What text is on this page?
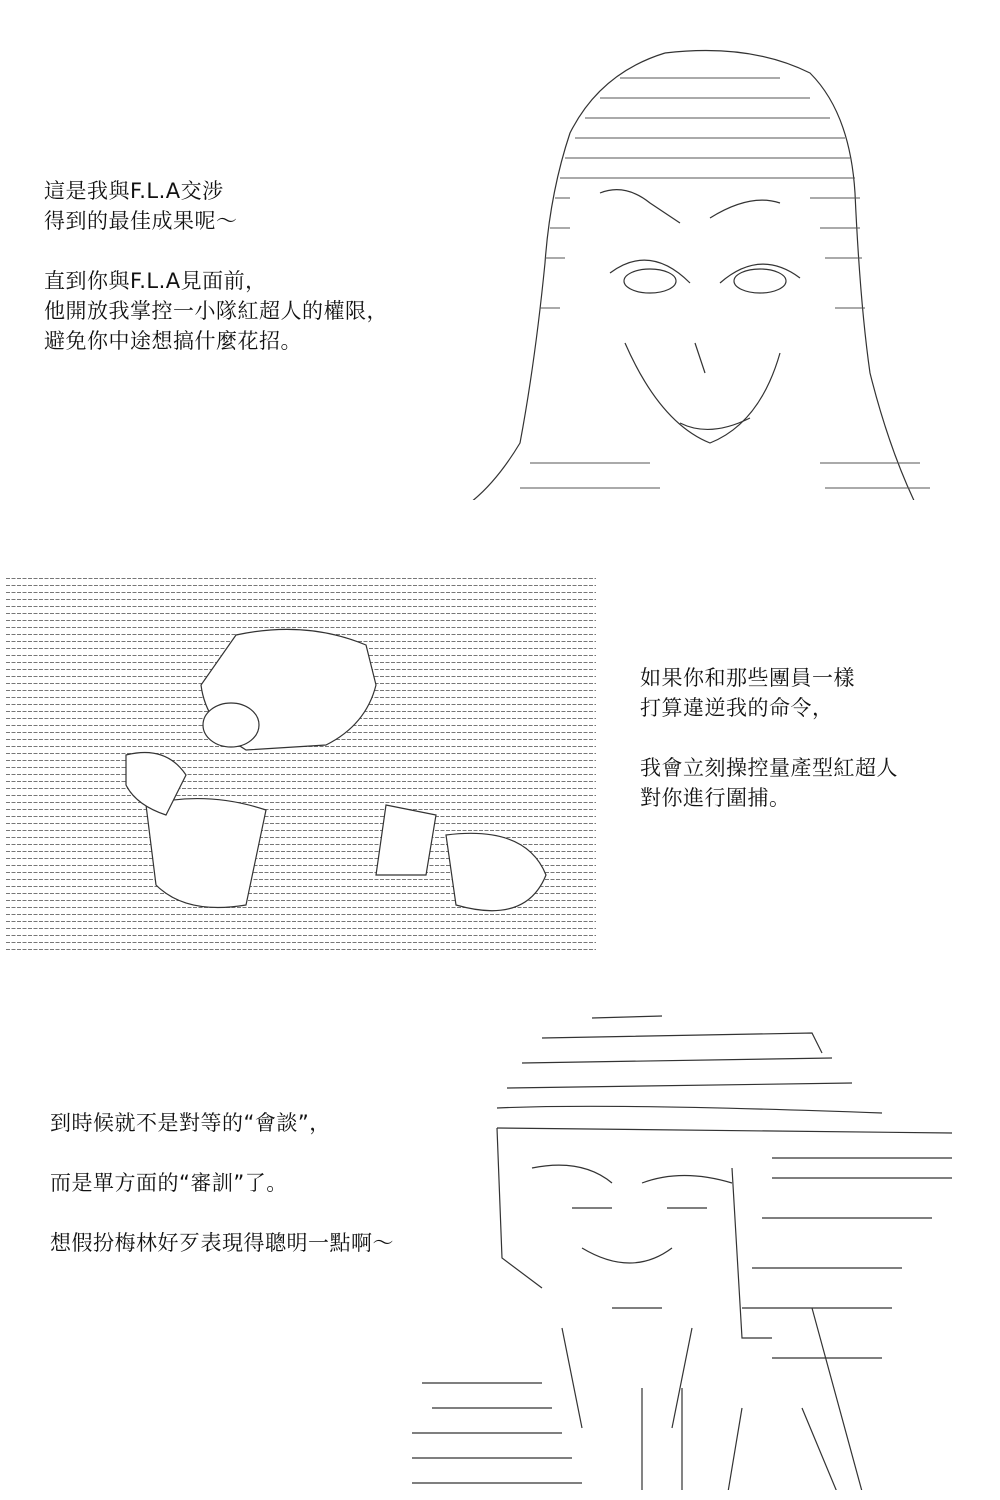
這是我與F.L.A交涉

得到的最佳成果呢～

直到你與F.L.A見面前，

他開放我掌控一小隊紅超人的權限，

避免你中途想搞什麼花招。

如果你和那些團員一樣

打算違逆我的命令，

我會立刻操控量產型紅超人

對你進行圍捕。

到時候就不是對等的“會談”，

而是單方面的“審訓”了。

想假扮梅林好歹表現得聰明一點啊～
